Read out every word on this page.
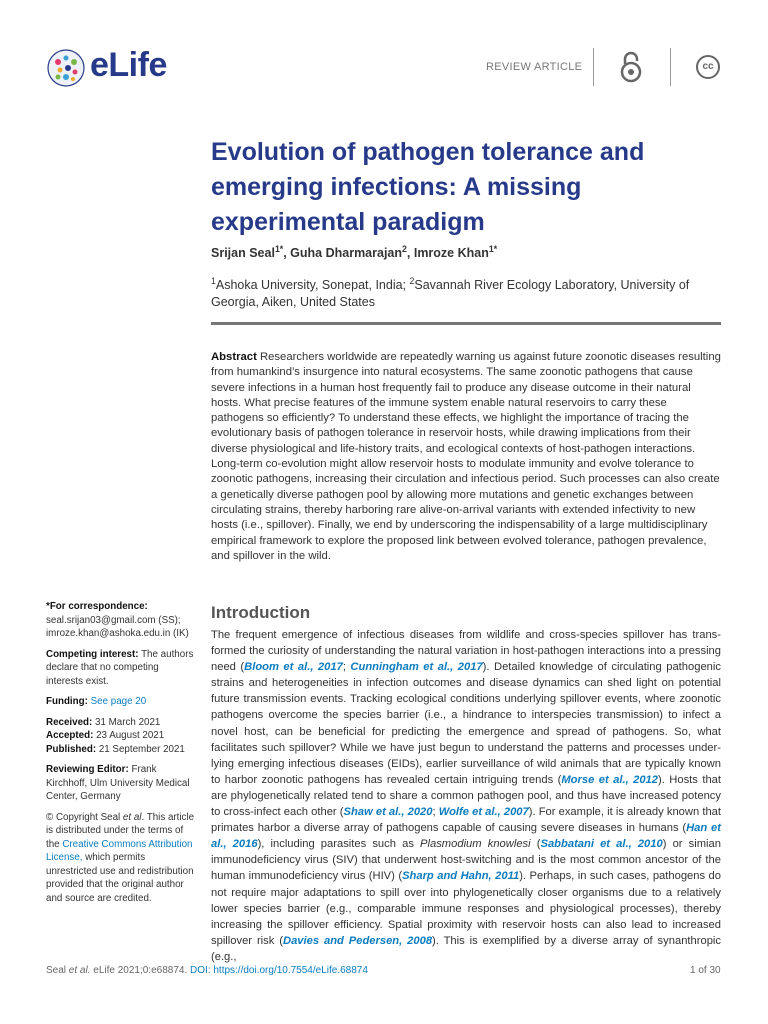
eLife	REVIEW ARTICLE	cc
Evolution of pathogen tolerance and emerging infections: A missing experimental paradigm
Srijan Seal$^{1*}$, Guha Dharmarajan$^2$, Imroze Khan$^{1*}$
$^1$Ashoka University, Sonepat, India; $^2$Savannah River Ecology Laboratory, University of Georgia, Aiken, United States
Abstract Researchers worldwide are repeatedly warning us against future zoonotic diseases resulting from humankind’s insurgence into natural ecosystems. The same zoonotic pathogens that cause severe infections in a human host frequently fail to produce any disease outcome in their natural hosts. What precise features of the immune system enable natural reservoirs to carry these pathogens so efficiently? To understand these effects, we highlight the importance of tracing the evolutionary basis of pathogen tolerance in reservoir hosts, while drawing implications from their diverse physiological and life-history traits, and ecological contexts of host-pathogen interactions. Long-term co-evolution might allow reservoir hosts to modulate immunity and evolve tolerance to zoonotic pathogens, increasing their circulation and infectious period. Such processes can also create a genetically diverse pathogen pool by allowing more mutations and genetic exchanges between circulating strains, thereby harboring rare alive-on-arrival variants with extended infectivity to new hosts (i.e., spillover). Finally, we end by underscoring the indispensability of a large multidisciplinary empirical framework to explore the proposed link between evolved tolerance, pathogen prevalence, and spillover in the wild.

*For correspondence:
seal.srijan03@gmail.com (SS); imroze.khan@ashoka.edu.in (IK)

Competing interest: The authors declare that no competing interests exist.

Funding: See page 20

Received: 31 March 2021
Accepted: 23 August 2021
Published: 21 September 2021

Reviewing Editor: Frank Kirchhoff, Ulm University Medical Center, Germany

© Copyright Seal et al. This article is distributed under the terms of the Creative Commons Attribution License, which permits unrestricted use and redistribution provided that the original author and source are credited.

Introduction
The frequent emergence of infectious diseases from wildlife and cross-species spillover has transformed the curiosity of understanding the natural variation in host-pathogen interactions into a pressing need (Bloom et al., 2017; Cunningham et al., 2017). Detailed knowledge of circulating pathogenic strains and heterogeneities in infection outcomes and disease dynamics can shed light on potential future transmission events. Tracking ecological conditions underlying spillover events, where zoonotic pathogens overcome the species barrier (i.e., a hindrance to interspecies transmission) to infect a novel host, can be beneficial for predicting the emergence and spread of pathogens. So, what facilitates such spillover? While we have just begun to understand the patterns and processes underlying emerging infectious diseases (EIDs), earlier surveillance of wild animals that are typically known to harbor zoonotic pathogens has revealed certain intriguing trends (Morse et al., 2012). Hosts that are phylogenetically related tend to share a common pathogen pool, and thus have increased potency to cross-infect each other (Shaw et al., 2020; Wolfe et al., 2007). For example, it is already known that primates harbor a diverse array of pathogens capable of causing severe diseases in humans (Han et al., 2016), including parasites such as Plasmodium knowlesi (Sabbatani et al., 2010) or simian immunodeficiency virus (SIV) that underwent host-switching and is the most common ancestor of the human immunodeficiency virus (HIV) (Sharp and Hahn, 2011). Perhaps, in such cases, pathogens do not require major adaptations to spill over into phylogenetically closer organisms due to a relatively lower species barrier (e.g., comparable immune responses and physiological processes), thereby increasing the spillover efficiency. Spatial proximity with reservoir hosts can also lead to increased spillover risk (Davies and Pedersen, 2008). This is exemplified by a diverse array of synanthropic (e.g.,
Seal et al. eLife 2021;0:e68874. DOI: https://doi.org/10.7554/eLife.68874	1 of 30
